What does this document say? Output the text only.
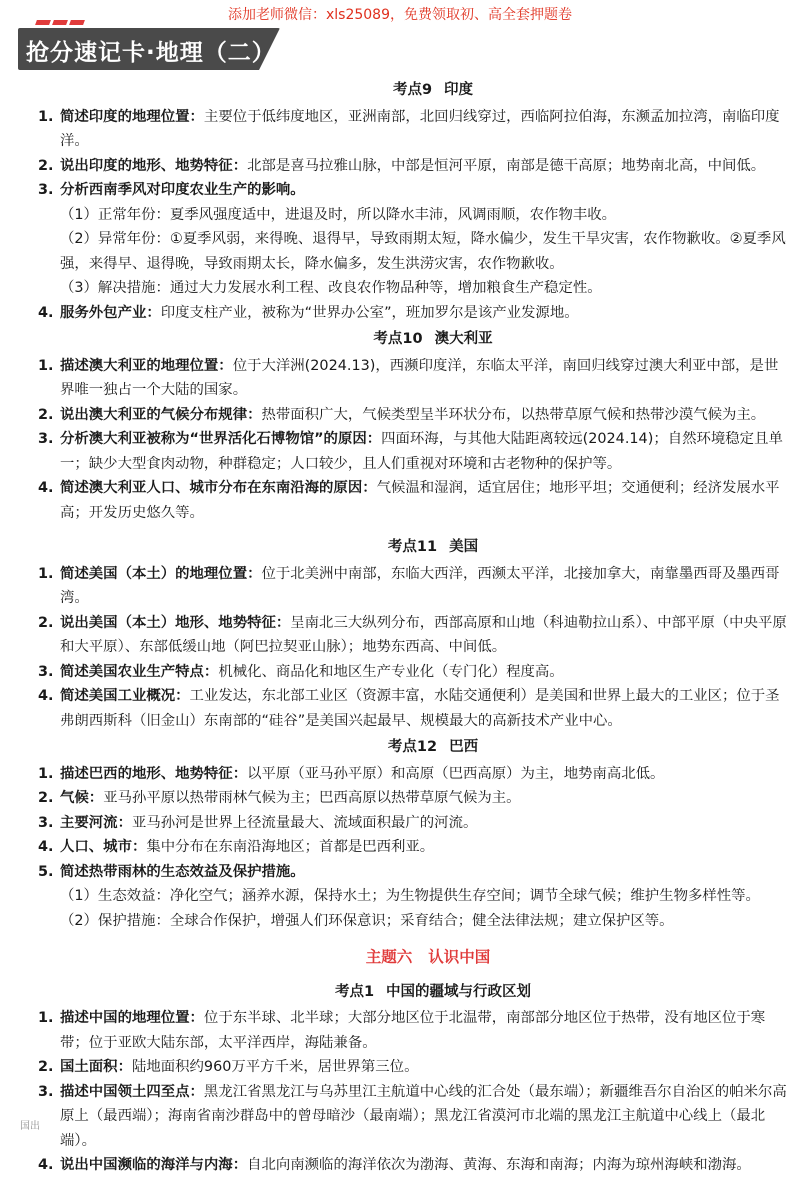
添加老师微信：xls25089，免费领取初、高全套押题卷
抢分速记卡·地理（二）
考点9 印度
1. 简述印度的地理位置：主要位于低纬度地区，亚洲南部，北回归线穿过，西临阿拉伯海，东濒孟加拉湾，南临印度洋。
2. 说出印度的地形、地势特征：北部是喜马拉雅山脉，中部是恒河平原，南部是德干高原；地势南北高，中间低。
3. 分析西南季风对印度农业生产的影响。
（1）正常年份：夏季风强度适中，进退及时，所以降水丰沛，风调雨顺，农作物丰收。
（2）异常年份：①夏季风弱，来得晚、退得早，导致雨期太短，降水偏少，发生干旱灾害，农作物歉收。②夏季风强，来得早、退得晚，导致雨期太长，降水偏多，发生洪涝灾害，农作物歉收。
（3）解决措施：通过大力发展水利工程、改良农作物品种等，增加粮食生产稳定性。
4. 服务外包产业：印度支柱产业，被称为“世界办公室”，班加罗尔是该产业发源地。
考点10 澳大利亚
1. 描述澳大利亚的地理位置：位于大洋洲(2024.13)，西濒印度洋，东临太平洋，南回归线穿过澳大利亚中部，是世界唯一独占一个大陆的国家。
2. 说出澳大利亚的气候分布规律：热带面积广大，气候类型呈半环状分布，以热带草原气候和热带沙漠气候为主。
3. 分析澳大利亚被称为“世界活化石博物馆”的原因：四面环海，与其他大陆距离较远(2024.14)；自然环境稳定且单一；缺少大型食肉动物，种群稳定；人口较少，且人们重视对环境和古老物种的保护等。
4. 简述澳大利亚人口、城市分布在东南沿海的原因：气候温和湿润，适宜居住；地形平坦；交通便利；经济发展水平高；开发历史悠久等。
考点11 美国
1. 简述美国（本土）的地理位置：位于北美洲中南部，东临大西洋，西濒太平洋，北接加拿大，南靠墨西哥及墨西哥湾。
2. 说出美国（本土）地形、地势特征：呈南北三大纵列分布，西部高原和山地（科迪勒拉山系）、中部平原（中央平原和大平原）、东部低缓山地（阿巴拉契亚山脉）；地势东西高、中间低。
3. 简述美国农业生产特点：机械化、商品化和地区生产专业化（专门化）程度高。
4. 简述美国工业概况：工业发达，东北部工业区（资源丰富，水陆交通便利）是美国和世界上最大的工业区；位于圣弗朗西斯科（旧金山）东南部的“硅谷”是美国兴起最早、规模最大的高新技术产业中心。
考点12 巴西
1. 描述巴西的地形、地势特征：以平原（亚马孙平原）和高原（巴西高原）为主，地势南高北低。
2. 气候：亚马孙平原以热带雨林气候为主；巴西高原以热带草原气候为主。
3. 主要河流：亚马孙河是世界上径流量最大、流域面积最广的河流。
4. 人口、城市：集中分布在东南沿海地区；首都是巴西利亚。
5. 简述热带雨林的生态效益及保护措施。
（1）生态效益：净化空气；涵养水源，保持水土；为生物提供生存空间；调节全球气候；维护生物多样性等。
（2）保护措施：全球合作保护，增强人们环保意识；采育结合；健全法律法规；建立保护区等。
主题六 认识中国
考点1 中国的疆域与行政区划
1. 描述中国的地理位置：位于东半球、北半球；大部分地区位于北温带，南部部分地区位于热带，没有地区位于寒带；位于亚欧大陆东部，太平洋西岸，海陆兼备。
2. 国土面积：陆地面积约960万平方千米，居世界第三位。
3. 描述中国领土四至点：黑龙江省黑龙江与乌苏里江主航道中心线的汇合处（最东端）；新疆维吾尔自治区的帕米尔高原上（最西端）；海南省南沙群岛中的曾母暗沙（最南端）；黑龙江省漠河市北端的黑龙江主航道中心线上（最北端）。
4. 说出中国濒临的海洋与内海：自北向南濒临的海洋依次为渤海、黄海、东海和南海；内海为琼州海峡和渤海。
国出
